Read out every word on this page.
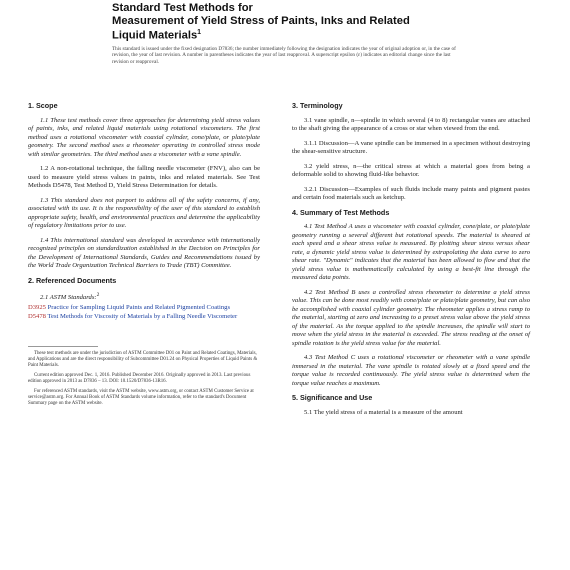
Standard Test Methods for
Measurement of Yield Stress of Paints, Inks and Related
Liquid Materials$^1$
This standard is issued under the fixed designation D7836; the number immediately following the designation indicates the year of original adoption or, in the case of revision, the year of last revision. A number in parentheses indicates the year of last reapproval. A superscript epsilon (ε) indicates an editorial change since the last revision or reapproval.
1. Scope

1.1 These test methods cover three approaches for determining yield stress values of paints, inks, and related liquid materials using rotational viscometers. The first method uses a rotational viscometer with coaxial cylinder, cone/plate, or plate/plate geometry. The second method uses a rheometer operating in controlled stress mode with similar geometries. The third method uses a viscometer with a vane spindle.

1.2 A non-rotational technique, the falling needle viscometer (FNV), also can be used to measure yield stress values in paints, inks and related materials. See Test Methods D5478, Test Method D, Yield Stress Determination for details.

1.3 This standard does not purport to address all of the safety concerns, if any, associated with its use. It is the responsibility of the user of this standard to establish appropriate safety, health, and environmental practices and determine the applicability of regulatory limitations prior to use.

1.4 This international standard was developed in accordance with internationally recognized principles on standardization established in the Decision on Principles for the Development of International Standards, Guides and Recommendations issued by the World Trade Organization Technical Barriers to Trade (TBT) Committee.

2. Referenced Documents

2.1 ASTM Standards:$^2$

D3925 Practice for Sampling Liquid Paints and Related Pigmented Coatings

D5478 Test Methods for Viscosity of Materials by a Falling Needle Viscometer

These test methods are under the jurisdiction of ASTM Committee D01 on Paint and Related Coatings, Materials, and Applications and are the direct responsibility of Subcommittee D01.24 on Physical Properties of Liquid Paints & Paint Materials.

Current edition approved Dec. 1, 2016. Published December 2016. Originally approved in 2013. Last previous edition approved in 2013 as D7836 – 13. DOI: 10.1520/D7836-13R16.

For referenced ASTM standards, visit the ASTM website, www.astm.org, or contact ASTM Customer Service at service@astm.org. For Annual Book of ASTM Standards volume information, refer to the standard's Document Summary page on the ASTM website.

3. Terminology

3.1 vane spindle, n—spindle in which several (4 to 8) rectangular vanes are attached to the shaft giving the appearance of a cross or star when viewed from the end.

3.1.1 Discussion—A vane spindle can be immersed in a specimen without destroying the shear-sensitive structure.

3.2 yield stress, n—the critical stress at which a material goes from being a deformable solid to showing fluid-like behavior.

3.2.1 Discussion—Examples of such fluids include many paints and pigment pastes and certain food materials such as ketchup.

4. Summary of Test Methods

4.1 Test Method A uses a viscometer with coaxial cylinder, cone/plate, or plate/plate geometry running a several different but rotational speeds. The material is sheared at each speed and a shear stress value is measured. By plotting shear stress versus shear rate, a dynamic yield stress value is determined by extrapolating the data curve to zero shear rate. "Dynamic" indicates that the material has been allowed to flow and that the yield stress value is mathematically calculated by using a best-fit line through the measured data points.

4.2 Test Method B uses a controlled stress rheometer to determine a yield stress value. This can be done most readily with cone/plate or plate/plate geometry, but can also be accomplished with coaxial cylinder geometry. The rheometer applies a stress ramp to the material, starting at zero and increasing to a preset stress value above the yield stress of the material. As the torque applied to the spindle increases, the spindle will start to move when the yield stress in the material is exceeded. The stress reading at the onset of spindle rotation is the yield stress value for the material.

4.3 Test Method C uses a rotational viscometer or rheometer with a vane spindle immersed in the material. The vane spindle is rotated slowly at a fixed speed and the torque value is recorded continuously. The yield stress value is determined when the torque value reaches a maximum.

5. Significance and Use

5.1 The yield stress of a material is a measure of the amount
